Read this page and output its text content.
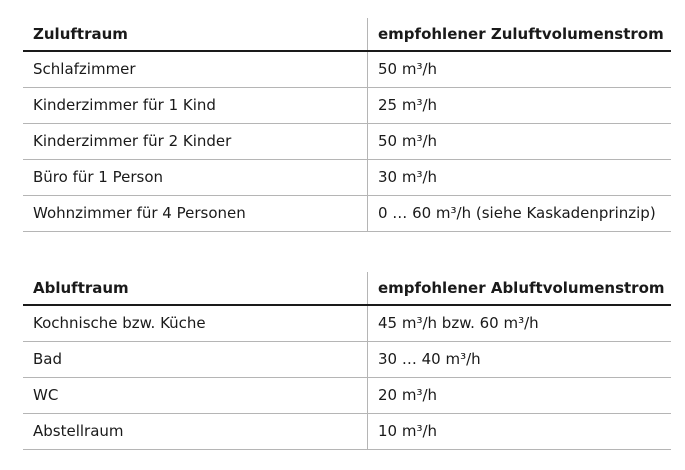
Zuluftraum	empfohlener Zuluftvolumenstrom
Schlafzimmer	50 m³/h
Kinderzimmer für 1 Kind	25 m³/h
Kinderzimmer für 2 Kinder	50 m³/h
Büro für 1 Person	30 m³/h
Wohnzimmer für 4 Personen	0 … 60 m³/h (siehe Kaskadenprinzip)
Abluftraum	empfohlener Abluftvolumenstrom
Kochnische bzw. Küche	45 m³/h bzw. 60 m³/h
Bad	30 … 40 m³/h
WC	20 m³/h
Abstellraum	10 m³/h
